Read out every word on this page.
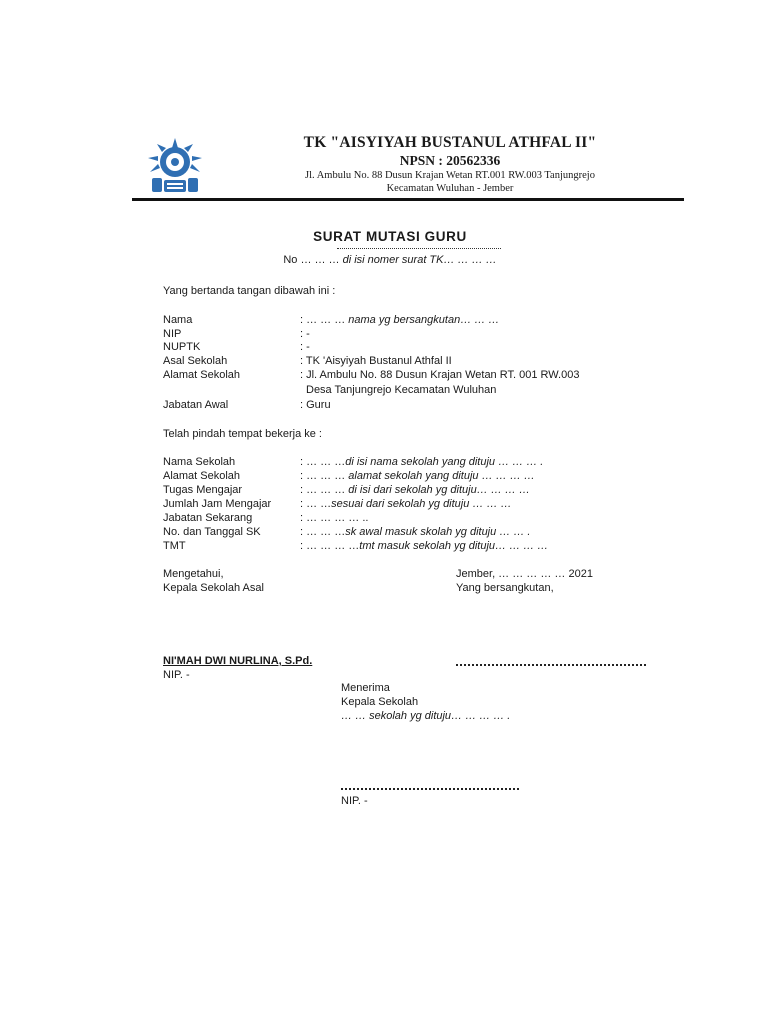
TK "AISYIYAH BUSTANUL ATHFAL II"
NPSN : 20562336
Jl. Ambulu No. 88 Dusun Krajan Wetan RT.001 RW.003 Tanjungrejo
Kecamatan Wuluhan - Jember
SURAT MUTASI GURU
No … … … di isi nomer surat TK… … … …
Yang bertanda tangan dibawah ini :
Nama
NIP
NUPTK
Asal Sekolah
Alamat Sekolah
Jabatan Awal
: … … … nama yg bersangkutan… … …
: -
: -
: TK 'Aisyiyah Bustanul Athfal II
: Jl. Ambulu No. 88 Dusun Krajan Wetan RT. 001 RW.003
Desa Tanjungrejo Kecamatan Wuluhan
: Guru
Telah pindah tempat bekerja ke :
Nama Sekolah
Alamat Sekolah
Tugas Mengajar
Jumlah Jam Mengajar
Jabatan Sekarang
No. dan Tanggal SK
TMT
: … … …di isi nama sekolah yang dituju … … … .
: … … … alamat sekolah yang dituju … … … …
: … … … di isi dari sekolah yg dituju… … … …
: … …sesuai dari sekolah yg dituju … … …
: … … … … ..
: … … …sk awal masuk skolah yg dituju … … .
: … … … …tmt masuk sekolah yg dituju… … … …
Mengetahui,
Kepala Sekolah Asal
Jember, … … … … … 2021
Yang bersangkutan,
NI'MAH DWI NURLINA, S.Pd.
NIP. -
Menerima
Kepala Sekolah
… … sekolah yg dituju… … … … .
NIP. -
